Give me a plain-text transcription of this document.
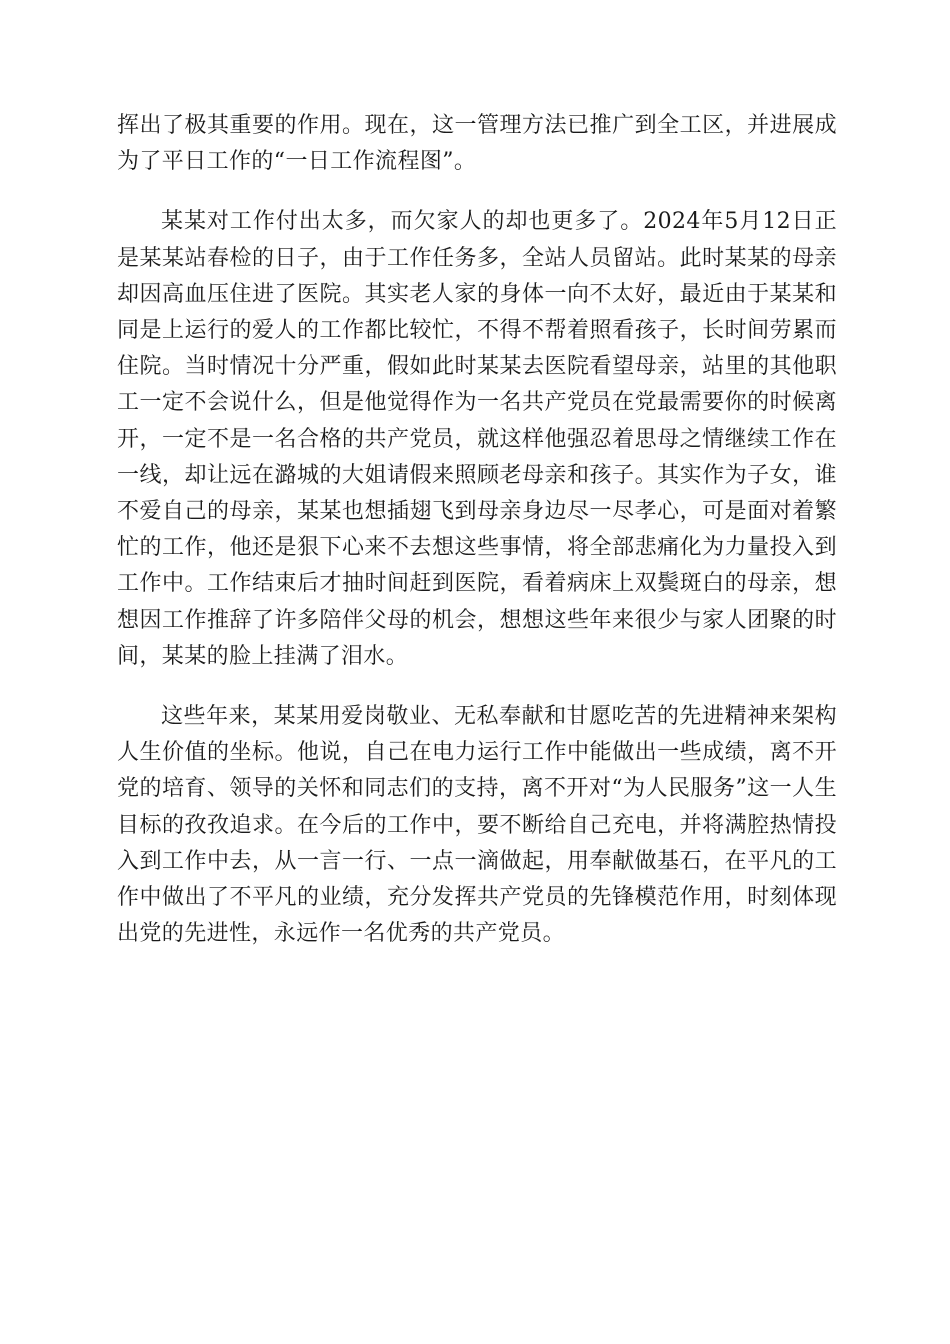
挥出了极其重要的作用。现在，这一管理方法已推广到全工区，并进展成为了平日工作的“一日工作流程图”。

某某对工作付出太多，而欠家人的却也更多了。2024年5月12日正是某某站春检的日子，由于工作任务多，全站人员留站。此时某某的母亲却因高血压住进了医院。其实老人家的身体一向不太好，最近由于某某和同是上运行的爱人的工作都比较忙，不得不帮着照看孩子，长时间劳累而住院。当时情况十分严重，假如此时某某去医院看望母亲，站里的其他职工一定不会说什么，但是他觉得作为一名共产党员在党最需要你的时候离开，一定不是一名合格的共产党员，就这样他强忍着思母之情继续工作在一线，却让远在潞城的大姐请假来照顾老母亲和孩子。其实作为子女，谁不爱自己的母亲，某某也想插翅飞到母亲身边尽一尽孝心，可是面对着繁忙的工作，他还是狠下心来不去想这些事情，将全部悲痛化为力量投入到工作中。工作结束后才抽时间赶到医院，看着病床上双鬓斑白的母亲，想想因工作推辞了许多陪伴父母的机会，想想这些年来很少与家人团聚的时间，某某的脸上挂满了泪水。

这些年来，某某用爱岗敬业、无私奉献和甘愿吃苦的先进精神来架构人生价值的坐标。他说，自己在电力运行工作中能做出一些成绩，离不开党的培育、领导的关怀和同志们的支持，离不开对“为人民服务”这一人生目标的孜孜追求。在今后的工作中，要不断给自己充电，并将满腔热情投入到工作中去，从一言一行、一点一滴做起，用奉献做基石，在平凡的工作中做出了不平凡的业绩，充分发挥共产党员的先锋模范作用，时刻体现出党的先进性，永远作一名优秀的共产党员。
